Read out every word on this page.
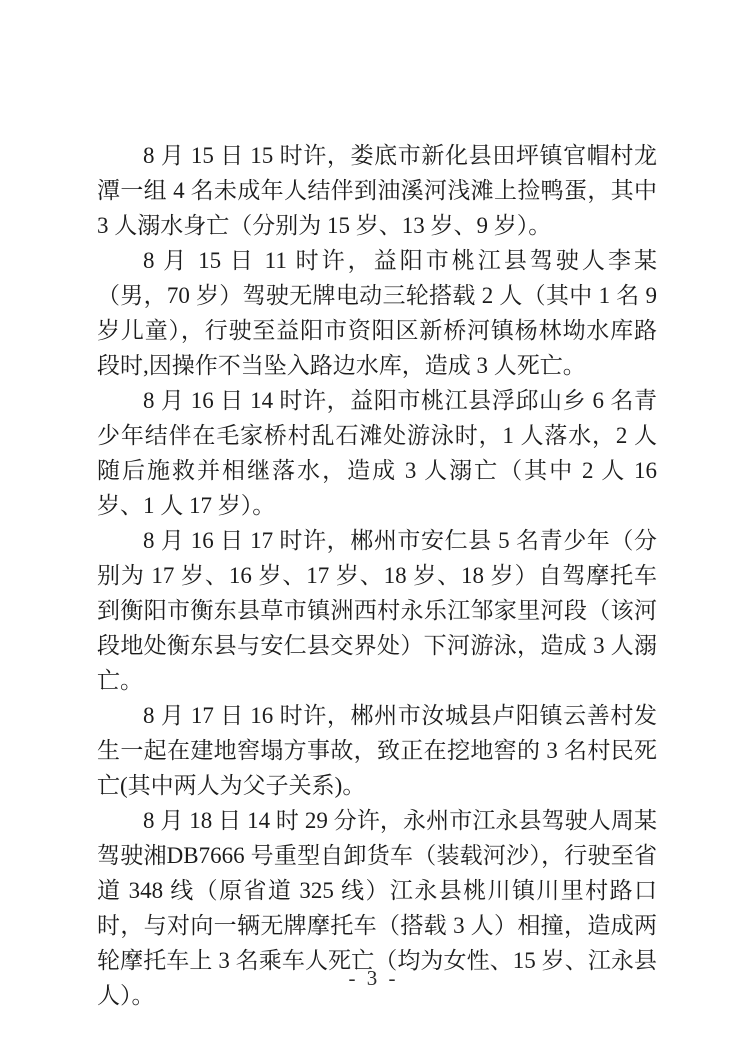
8 月 15 日 15 时许，娄底市新化县田坪镇官帽村龙潭一组 4 名未成年人结伴到油溪河浅滩上捡鸭蛋，其中 3 人溺水身亡（分别为 15 岁、13 岁、9 岁）。

8 月 15 日 11 时许，益阳市桃江县驾驶人李某（男，70 岁）驾驶无牌电动三轮搭载 2 人（其中 1 名 9 岁儿童），行驶至益阳市资阳区新桥河镇杨林坳水库路段时,因操作不当坠入路边水库，造成 3 人死亡。

8 月 16 日 14 时许，益阳市桃江县浮邱山乡 6 名青少年结伴在毛家桥村乱石滩处游泳时，1 人落水，2 人随后施救并相继落水，造成 3 人溺亡（其中 2 人 16 岁、1 人 17 岁）。

8 月 16 日 17 时许，郴州市安仁县 5 名青少年（分别为 17 岁、16 岁、17 岁、18 岁、18 岁）自驾摩托车到衡阳市衡东县草市镇洲西村永乐江邹家里河段（该河段地处衡东县与安仁县交界处）下河游泳，造成 3 人溺亡。

8 月 17 日 16 时许，郴州市汝城县卢阳镇云善村发生一起在建地窖塌方事故，致正在挖地窖的 3 名村民死亡(其中两人为父子关系)。

8 月 18 日 14 时 29 分许，永州市江永县驾驶人周某驾驶湘DB7666 号重型自卸货车（装载河沙），行驶至省道 348 线（原省道 325 线）江永县桃川镇川里村路口时，与对向一辆无牌摩托车（搭载 3 人）相撞，造成两轮摩托车上 3 名乘车人死亡（均为女性、15 岁、江永县人）。

- 3 -
